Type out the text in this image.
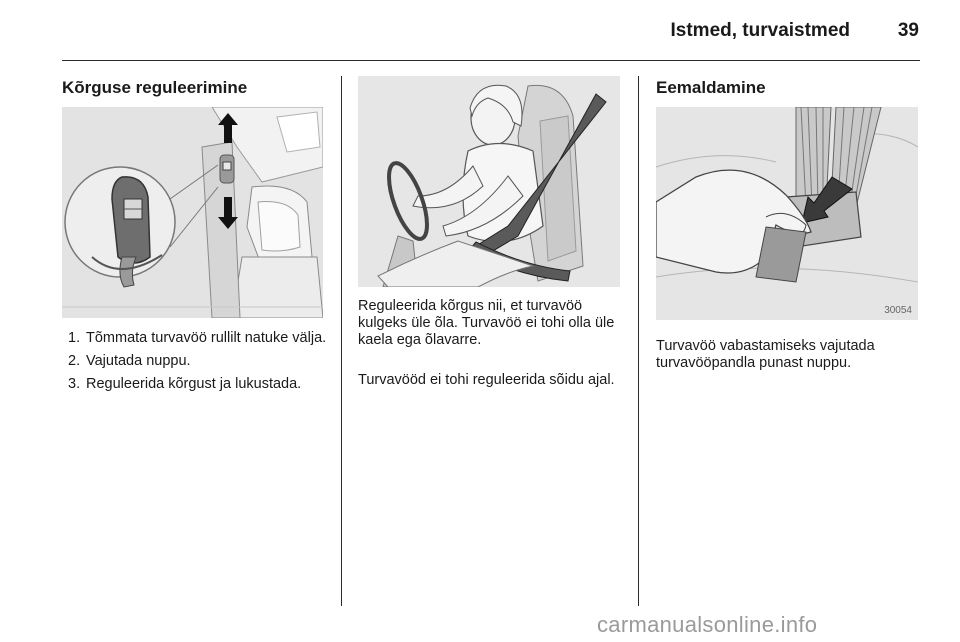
Istmed, turvaistmed	39
Kõrguse reguleerimine
1. Tõmmata turvavöö rullilt natuke välja.
2. Vajutada nuppu.
3. Reguleerida kõrgust ja lukustada.

Reguleerida kõrgus nii, et turvavöö kulgeks üle õla. Turvavöö ei tohi olla üle kaela ega õlavarre.

Turvavööd ei tohi reguleerida sõidu ajal.

Eemaldamine
30054

Turvavöö vabastamiseks vajutada turvavööpandla punast nuppu.

carmanualsonline.info
